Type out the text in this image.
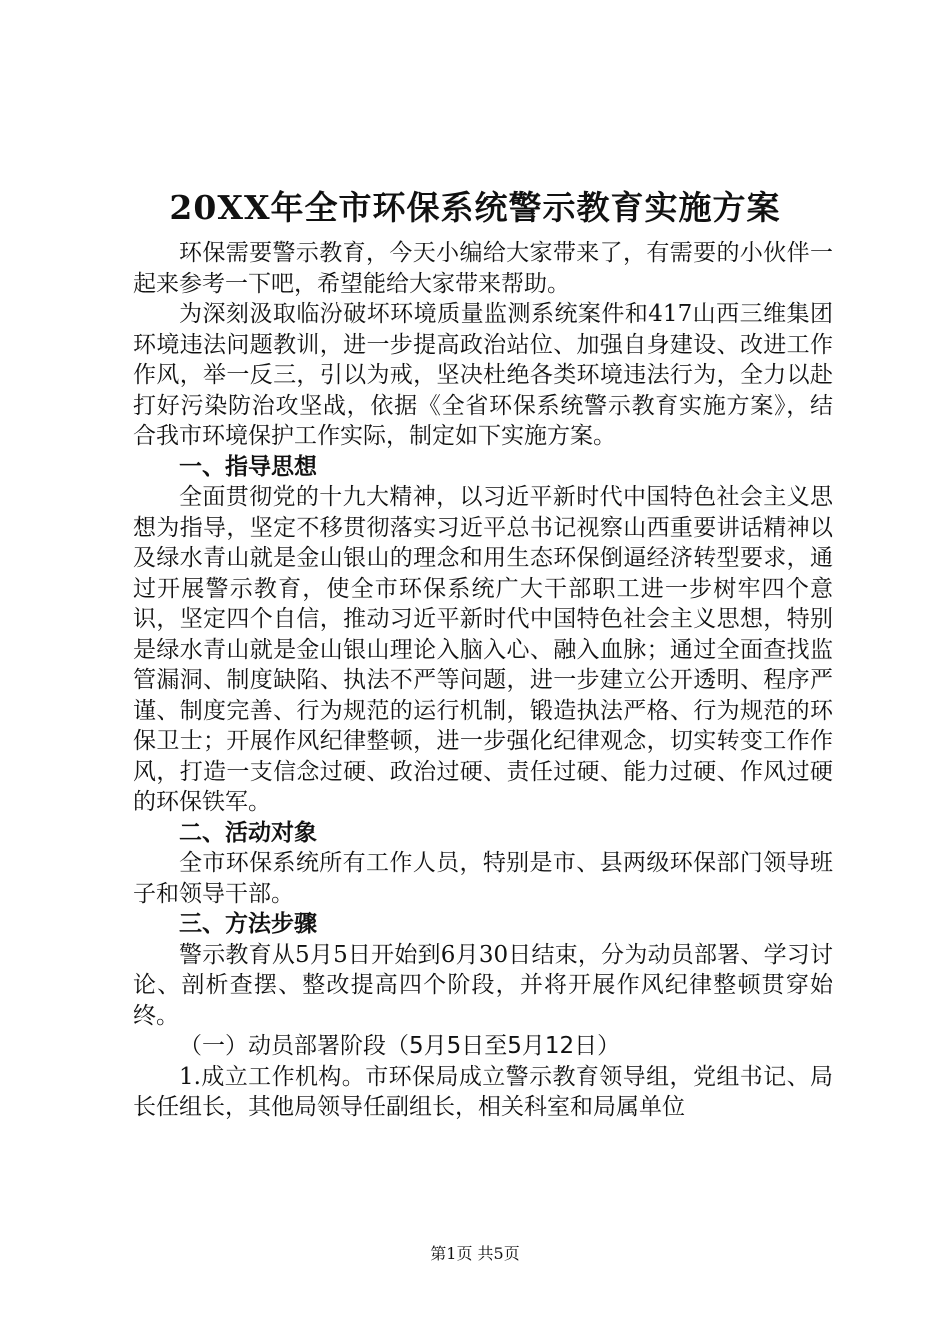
20XX年全市环保系统警示教育实施方案

环保需要警示教育，今天小编给大家带来了，有需要的小伙伴一起来参考一下吧，希望能给大家带来帮助。

为深刻汲取临汾破坏环境质量监测系统案件和417山西三维集团环境违法问题教训，进一步提高政治站位、加强自身建设、改进工作作风，举一反三，引以为戒，坚决杜绝各类环境违法行为，全力以赴打好污染防治攻坚战，依据《全省环保系统警示教育实施方案》，结合我市环境保护工作实际，制定如下实施方案。

一、指导思想

全面贯彻党的十九大精神，以习近平新时代中国特色社会主义思想为指导，坚定不移贯彻落实习近平总书记视察山西重要讲话精神以及绿水青山就是金山银山的理念和用生态环保倒逼经济转型要求，通过开展警示教育，使全市环保系统广大干部职工进一步树牢四个意识，坚定四个自信，推动习近平新时代中国特色社会主义思想，特别是绿水青山就是金山银山理论入脑入心、融入血脉；通过全面查找监管漏洞、制度缺陷、执法不严等问题，进一步建立公开透明、程序严谨、制度完善、行为规范的运行机制，锻造执法严格、行为规范的环保卫士；开展作风纪律整顿，进一步强化纪律观念，切实转变工作作风，打造一支信念过硬、政治过硬、责任过硬、能力过硬、作风过硬的环保铁军。

二、活动对象

全市环保系统所有工作人员，特别是市、县两级环保部门领导班子和领导干部。

三、方法步骤

警示教育从5月5日开始到6月30日结束，分为动员部署、学习讨论、剖析查摆、整改提高四个阶段，并将开展作风纪律整顿贯穿始终。

（一）动员部署阶段（5月5日至5月12日）

1.成立工作机构。市环保局成立警示教育领导组，党组书记、局长任组长，其他局领导任副组长，相关科室和局属单位

第1页 共5页
